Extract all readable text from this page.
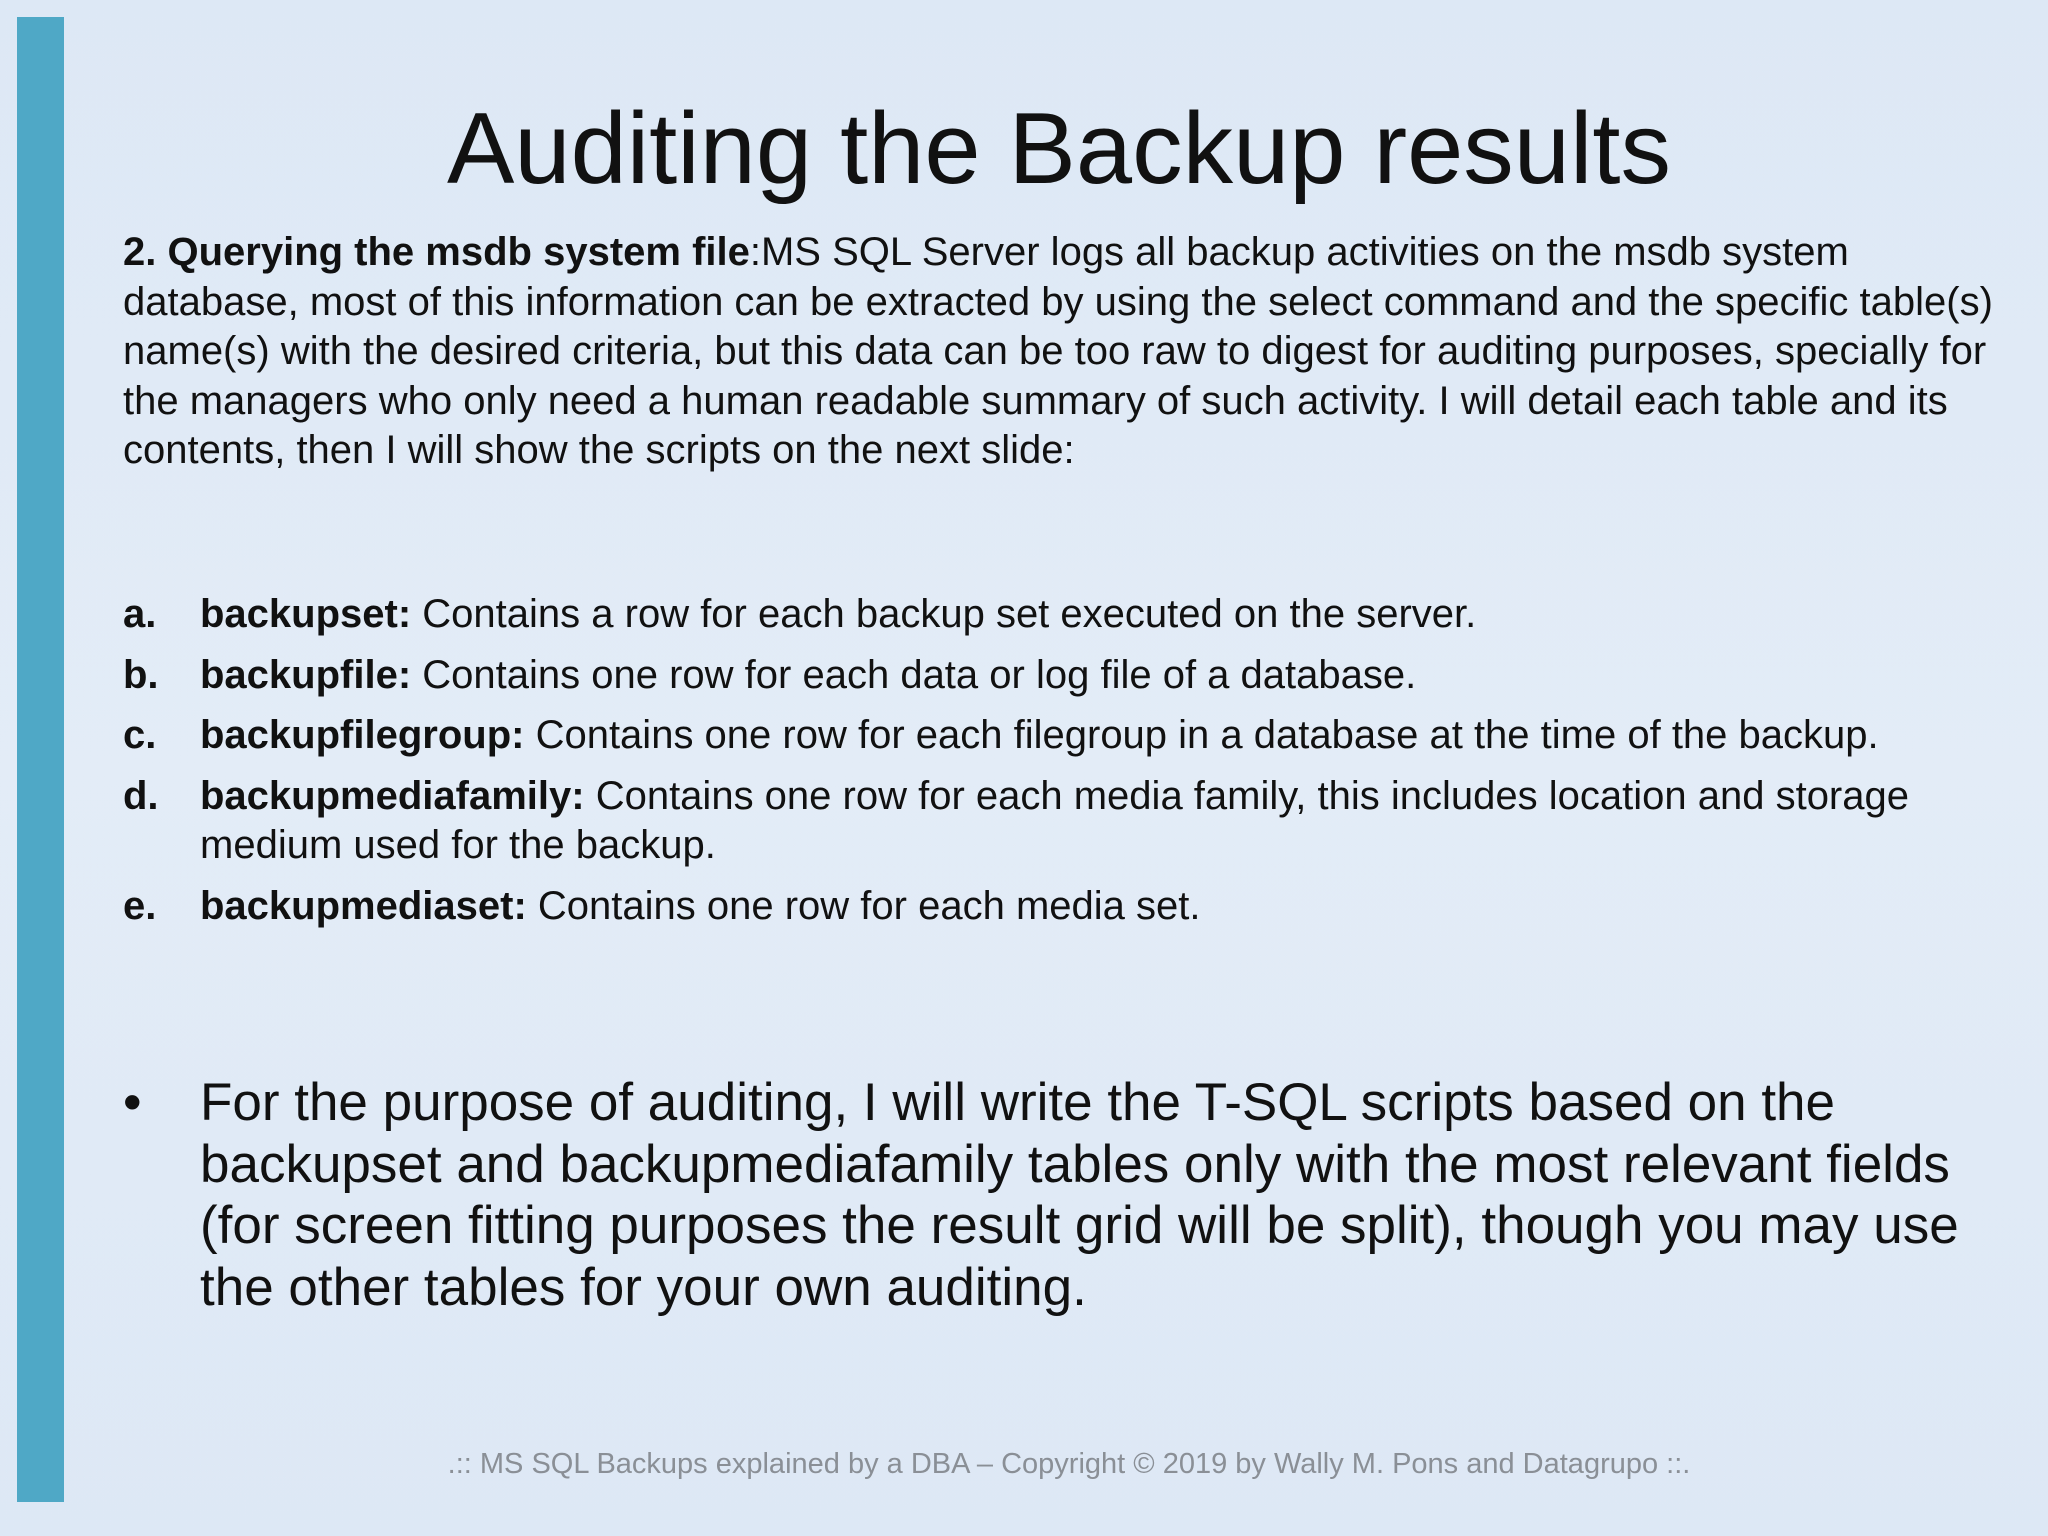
Auditing the Backup results

2. Querying the msdb system file:MS SQL Server logs all backup activities on the msdb system database, most of this information can be extracted by using the select command and the specific table(s) name(s) with the desired criteria, but this data can be too raw to digest for auditing purposes, specially for the managers who only need a human readable summary of such activity. I will detail each table and its contents, then I will show the scripts on the next slide:

a. backupset: Contains a row for each backup set executed on the server.
b. backupfile: Contains one row for each data or log file of a database.
c. backupfilegroup: Contains one row for each filegroup in a database at the time of the backup.
d. backupmediafamily: Contains one row for each media family, this includes location and storage medium used for the backup.
e. backupmediaset: Contains one row for each media set.
• For the purpose of auditing, I will write the T-SQL scripts based on the backupset and backupmediafamily tables only with the most relevant fields (for screen fitting purposes the result grid will be split), though you may use the other tables for your own auditing.

.:: MS SQL Backups explained by a DBA – Copyright © 2019 by Wally M. Pons and Datagrupo ::.
